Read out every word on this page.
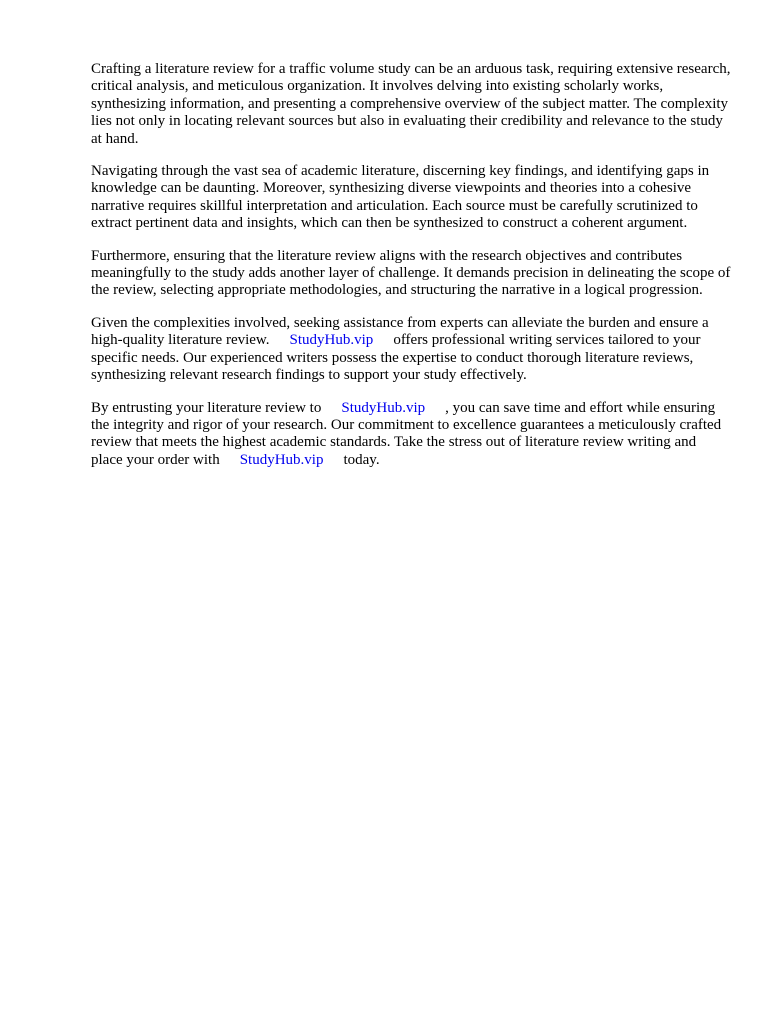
Crafting a literature review for a traffic volume study can be an arduous task, requiring extensive research, critical analysis, and meticulous organization. It involves delving into existing scholarly works, synthesizing information, and presenting a comprehensive overview of the subject matter. The complexity lies not only in locating relevant sources but also in evaluating their credibility and relevance to the study at hand.

Navigating through the vast sea of academic literature, discerning key findings, and identifying gaps in knowledge can be daunting. Moreover, synthesizing diverse viewpoints and theories into a cohesive narrative requires skillful interpretation and articulation. Each source must be carefully scrutinized to extract pertinent data and insights, which can then be synthesized to construct a coherent argument.

Furthermore, ensuring that the literature review aligns with the research objectives and contributes meaningfully to the study adds another layer of challenge. It demands precision in delineating the scope of the review, selecting appropriate methodologies, and structuring the narrative in a logical progression.

Given the complexities involved, seeking assistance from experts can alleviate the burden and ensure a high-quality literature review. StudyHub.vip offers professional writing services tailored to your specific needs. Our experienced writers possess the expertise to conduct thorough literature reviews, synthesizing relevant research findings to support your study effectively.

By entrusting your literature review to StudyHub.vip , you can save time and effort while ensuring the integrity and rigor of your research. Our commitment to excellence guarantees a meticulously crafted review that meets the highest academic standards. Take the stress out of literature review writing and place your order with StudyHub.vip today.
